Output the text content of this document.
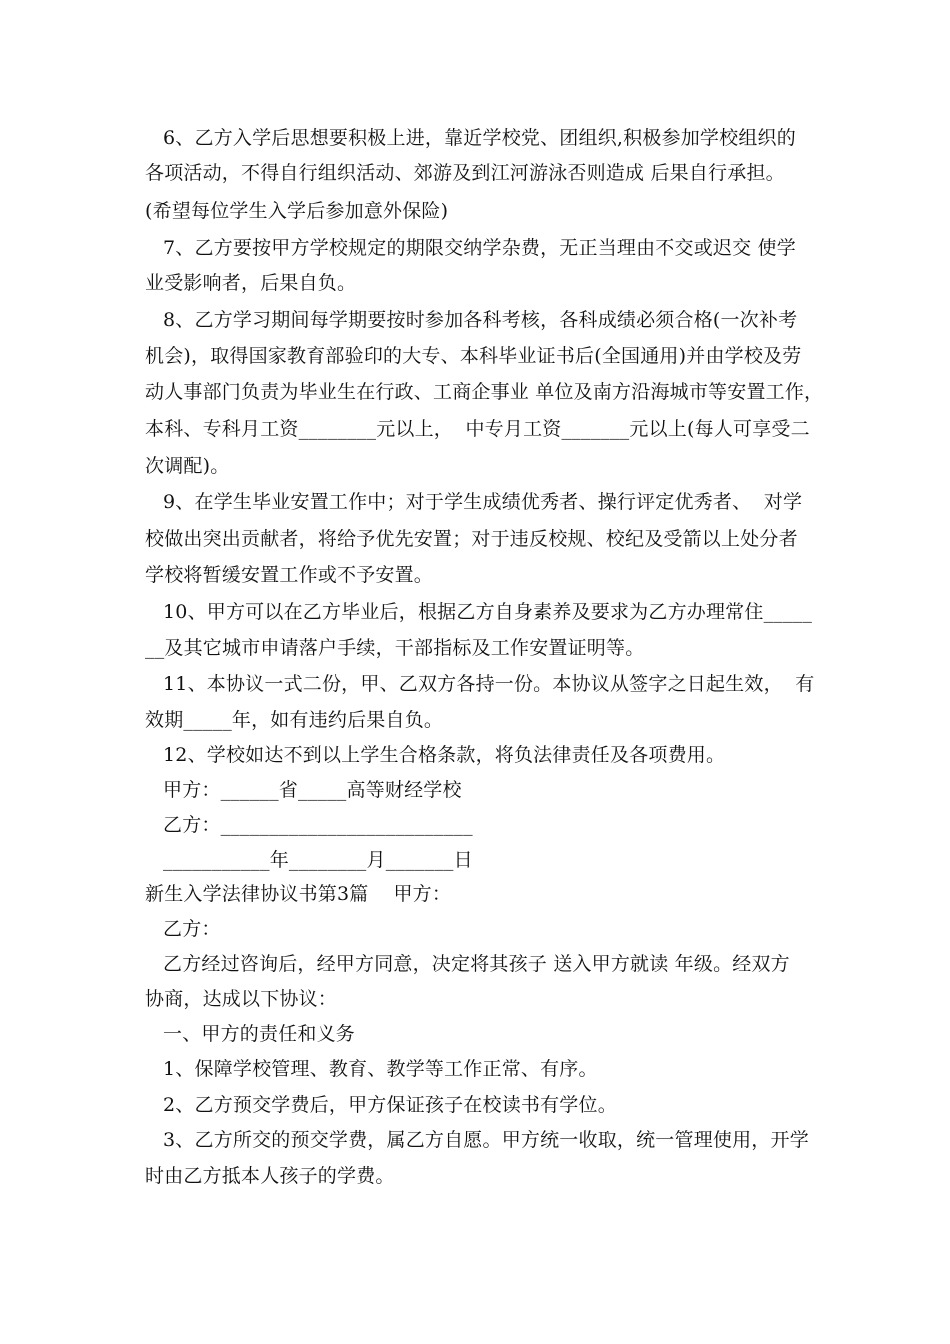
6、乙方入学后思想要积极上进，靠近学校党、团组织,积极参加学校组织的
各项活动，不得自行组织活动、郊游及到江河游泳否则造成 后果自行承担。
(希望每位学生入学后参加意外保险)
7、乙方要按甲方学校规定的期限交纳学杂费，无正当理由不交或迟交 使学
业受影响者，后果自负。
8、乙方学习期间每学期要按时参加各科考核，各科成绩必须合格(一次补考
机会)，取得国家教育部验印的大专、本科毕业证书后(全国通用)并由学校及劳
动人事部门负责为毕业生在行政、工商企事业 单位及南方沿海城市等安置工作，
本科、专科月工资________元以上，  中专月工资_______元以上(每人可享受二
次调配)。
9、在学生毕业安置工作中；对于学生成绩优秀者、操行评定优秀者、  对学
校做出突出贡献者，将给予优先安置；对于违反校规、校纪及受箭以上处分者
学校将暂缓安置工作或不予安置。
10、甲方可以在乙方毕业后，根据乙方自身素养及要求为乙方办理常住_____
__及其它城市申请落户手续，干部指标及工作安置证明等。
11、本协议一式二份，甲、乙双方各持一份。本协议从签字之日起生效，  有
效期_____年，如有违约后果自负。
12、学校如达不到以上学生合格条款，将负法律责任及各项费用。
甲方：______省_____高等财经学校
乙方：__________________________
___________年________月_______日
新生入学法律协议书第3篇    甲方：
乙方：
乙方经过咨询后，经甲方同意，决定将其孩子 送入甲方就读 年级。经双方
协商，达成以下协议：
一、甲方的责任和义务
1、保障学校管理、教育、教学等工作正常、有序。
2、乙方预交学费后，甲方保证孩子在校读书有学位。
3、乙方所交的预交学费，属乙方自愿。甲方统一收取，统一管理使用，开学
时由乙方抵本人孩子的学费。
